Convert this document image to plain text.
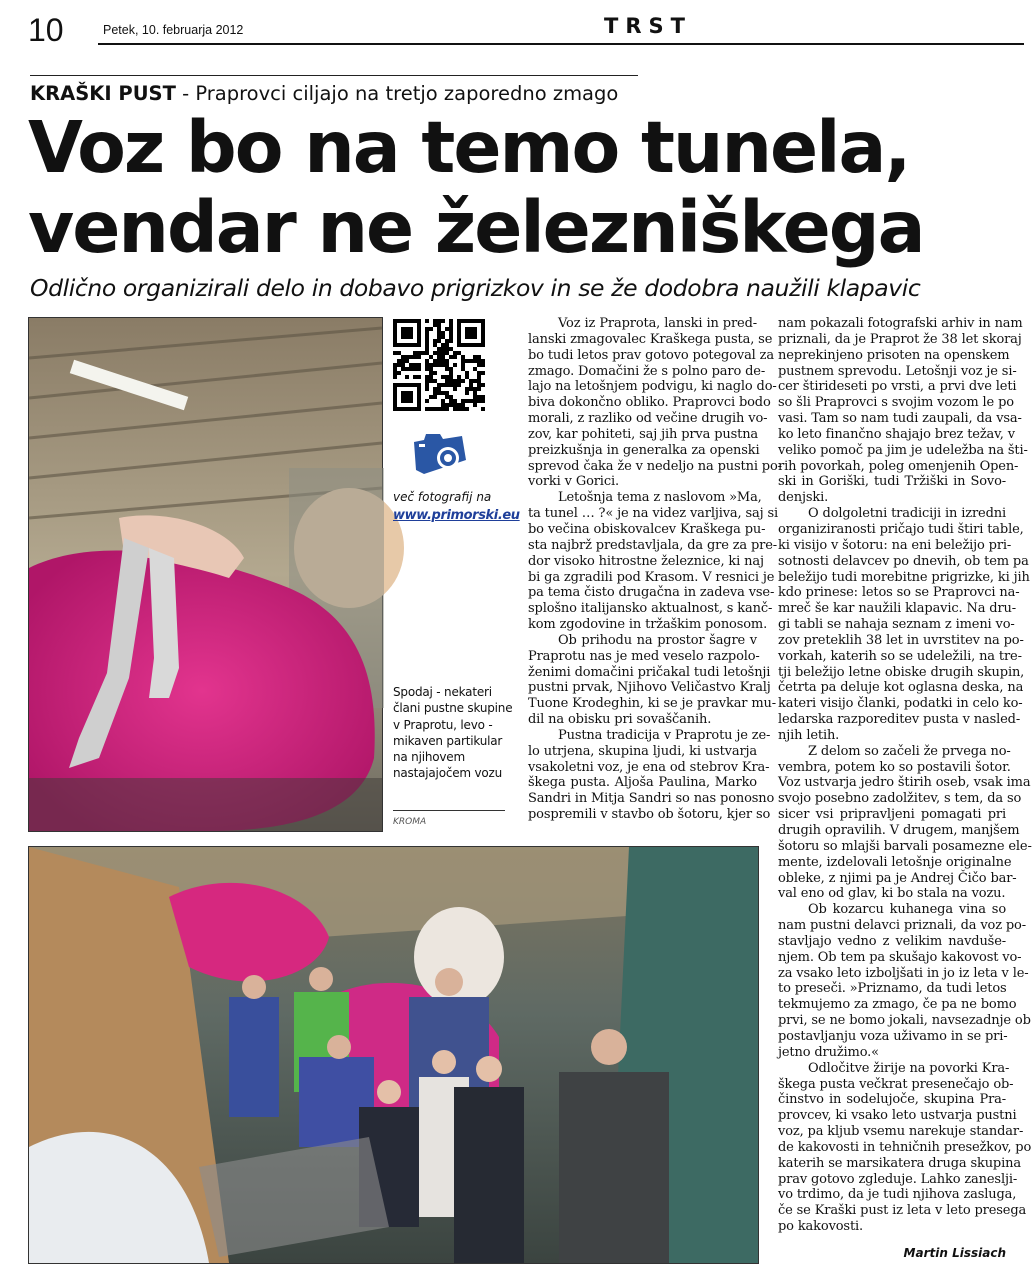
10	Petek, 10. februarja 2012	TRST
KRAŠKI PUST - Praprovci ciljajo na tretjo zaporedno zmago
Voz bo na temo tunela,
vendar ne železniškega
Odlično organizirali delo in dobavo prigrizkov in se že dodobra naužili klapavic
več fotografij na
www.primorski.eu
Spodaj - nekateri člani pustne skupine v Praprotu, levo - mikaven partikular na njihovem nastajajočem vozu
KROMA
Voz iz Praprota, lanski in pred-
lanski zmagovalec Kraškega pusta, se
bo tudi letos prav gotovo potegoval za
zmago. Domačini že s polno paro de-
lajo na letošnjem podvigu, ki naglo do-
biva dokončno obliko. Praprovci bodo
morali, z razliko od večine drugih vo-
zov, kar pohiteti, saj jih prva pustna
preizkušnja in generalka za openski
sprevod čaka že v nedeljo na pustni po-
vorki v Gorici.
Letošnja tema z naslovom »Ma,
ta tunel … ?« je na videz varljiva, saj si
bo večina obiskovalcev Kraškega pu-
sta najbrž predstavljala, da gre za pre-
dor visoko hitrostne železnice, ki naj
bi ga zgradili pod Krasom. V resnici je
pa tema čisto drugačna in zadeva vse-
splošno italijansko aktualnost, s kanč-
kom zgodovine in tržaškim ponosom.
Ob prihodu na prostor šagre v
Praprotu nas je med veselo razpolo-
ženimi domačini pričakal tudi letošnji
pustni prvak, Njihovo Veličastvo Kralj
Tuone Krodeghin, ki se je pravkar mu-
dil na obisku pri sovaščanih.
Pustna tradicija v Praprotu je ze-
lo utrjena, skupina ljudi, ki ustvarja
vsakoletni voz, je ena od stebrov Kra-
škega pusta. Aljoša Paulina, Marko
Sandri in Mitja Sandri so nas ponosno
pospremili v stavbo ob šotoru, kjer so
nam pokazali fotografski arhiv in nam
priznali, da je Praprot že 38 let skoraj
neprekinjeno prisoten na openskem
pustnem sprevodu. Letošnji voz je si-
cer štirideseti po vrsti, a prvi dve leti
so šli Praprovci s svojim vozom le po
vasi. Tam so nam tudi zaupali, da vsa-
ko leto finančno shajajo brez težav, v
veliko pomoč pa jim je udeležba na šti-
rih povorkah, poleg omenjenih Open-
ski in Goriški, tudi Tržiški in Sovo-
denjski.
O dolgoletni tradiciji in izredni
organiziranosti pričajo tudi štiri table,
ki visijo v šotoru: na eni beležijo pri-
sotnosti delavcev po dnevih, ob tem pa
beležijo tudi morebitne prigrizke, ki jih
kdo prinese: letos so se Praprovci na-
mreč še kar naužili klapavic. Na dru-
gi tabli se nahaja seznam z imeni vo-
zov preteklih 38 let in uvrstitev na po-
vorkah, katerih so se udeležili, na tre-
tji beležijo letne obiske drugih skupin,
četrta pa deluje kot oglasna deska, na
kateri visijo članki, podatki in celo ko-
ledarska razporeditev pusta v nasled-
njih letih.
Z delom so začeli že prvega no-
vembra, potem ko so postavili šotor.
Voz ustvarja jedro štirih oseb, vsak ima
svojo posebno zadolžitev, s tem, da so
sicer vsi pripravljeni pomagati pri
drugih opravilih. V drugem, manjšem
šotoru so mlajši barvali posamezne ele-
mente, izdelovali letošnje originalne
obleke, z njimi pa je Andrej Čičo bar-
val eno od glav, ki bo stala na vozu.
Ob kozarcu kuhanega vina so
nam pustni delavci priznali, da voz po-
stavljajo vedno z velikim navduše-
njem. Ob tem pa skušajo kakovost vo-
za vsako leto izboljšati in jo iz leta v le-
to preseči. »Priznamo, da tudi letos
tekmujemo za zmago, če pa ne bomo
prvi, se ne bomo jokali, navsezadnje ob
postavljanju voza uživamo in se pri-
jetno družimo.«
Odločitve žirije na povorki Kra-
škega pusta večkrat presenečajo ob-
činstvo in sodelujoče, skupina Pra-
provcev, ki vsako leto ustvarja pustni
voz, pa kljub vsemu narekuje standar-
de kakovosti in tehničnih presežkov, po
katerih se marsikatera druga skupina
prav gotovo zgleduje. Lahko zaneslji-
vo trdimo, da je tudi njihova zasluga,
če se Kraški pust iz leta v leto presega
po kakovosti.
Martin Lissiach
